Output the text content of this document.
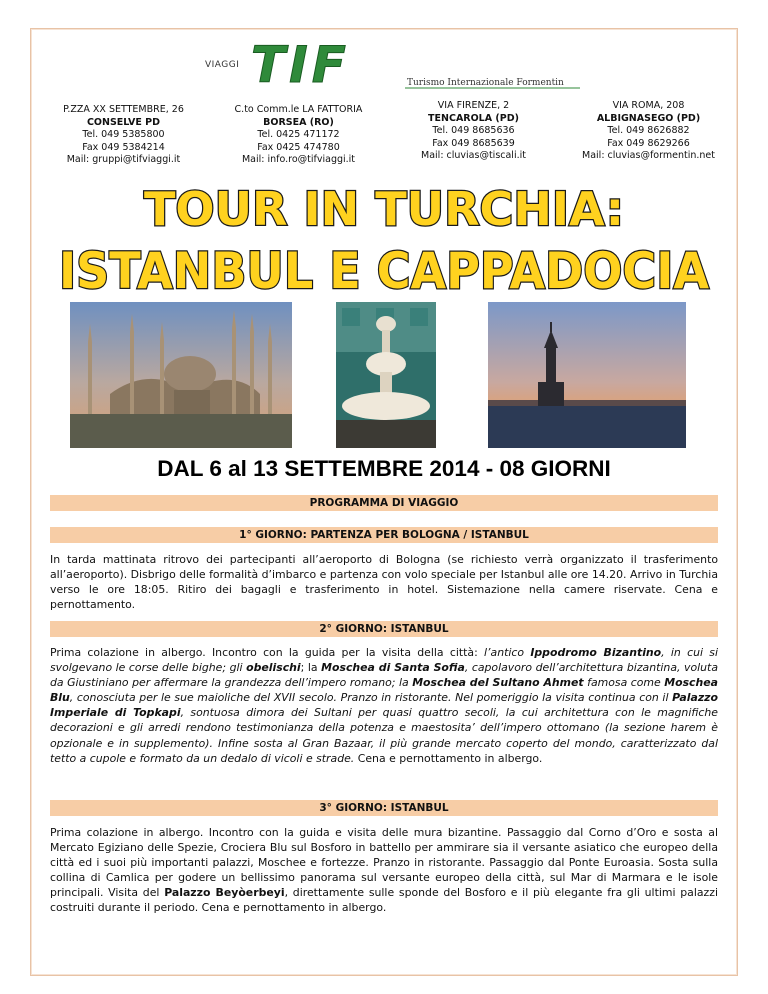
VIAGGI TIF	Turismo Internazionale Formentin
P.ZZA XX SETTEMBRE, 26
CONSELVE PD
Tel. 049 5385800
Fax 049 5384214
Mail: gruppi@tifviaggi.it
C.to Comm.le LA FATTORIA
BORSEA (RO)
Tel. 0425 471172
Fax 0425 474780
Mail: info.ro@tifviaggi.it
VIA FIRENZE, 2
TENCAROLA (PD)
Tel. 049 8685636
Fax 049 8685639
Mail: cluvias@tiscali.it
VIA ROMA, 208
ALBIGNASEGO (PD)
Tel. 049 8626882
Fax 049 8629266
Mail: cluvias@formentin.net
TOUR IN TURCHIA:
ISTANBUL E CAPPADOCIA
DAL 6 al 13 SETTEMBRE 2014 - 08 GIORNI
PROGRAMMA DI VIAGGIO
1° GIORNO: PARTENZA PER BOLOGNA / ISTANBUL
In tarda mattinata ritrovo dei partecipanti all’aeroporto di Bologna (se richiesto verrà organizzato il trasferimento all’aeroporto). Disbrigo delle formalità d’imbarco e partenza con volo speciale per Istanbul alle ore 14.20. Arrivo in Turchia verso le ore 18:05. Ritiro dei bagagli e trasferimento in hotel. Sistemazione nella camere riservate. Cena e pernottamento.
2° GIORNO: ISTANBUL
Prima colazione in albergo. Incontro con la guida per la visita della città: l’antico Ippodromo Bizantino, in cui si svolgevano le corse delle bighe; gli obelischi; la Moschea di Santa Sofia, capolavoro dell’architettura bizantina, voluta da Giustiniano per affermare la grandezza dell’impero romano; la Moschea del Sultano Ahmet famosa come Moschea Blu, conosciuta per le sue maioliche del XVII secolo. Pranzo in ristorante. Nel pomeriggio la visita continua con il Palazzo Imperiale di Topkapi, sontuosa dimora dei Sultani per quasi quattro secoli, la cui architettura con le magnifiche decorazioni e gli arredi rendono testimonianza della potenza e maestosita’ dell’impero ottomano (la sezione harem è opzionale e in supplemento). Infine sosta al Gran Bazaar, il più grande mercato coperto del mondo, caratterizzato dal tetto a cupole e formato da un dedalo di vicoli e strade. Cena e pernottamento in albergo.
3° GIORNO: ISTANBUL
Prima colazione in albergo. Incontro con la guida e visita delle mura bizantine. Passaggio dal Corno d’Oro e sosta al Mercato Egiziano delle Spezie, Crociera Blu sul Bosforo in battello per ammirare sia il versante asiatico che europeo della città ed i suoi più importanti palazzi, Moschee e fortezze. Pranzo in ristorante. Passaggio dal Ponte Euroasia. Sosta sulla collina di Camlica per godere un bellissimo panorama sul versante europeo della città, sul Mar di Marmara e le isole principali. Visita del Palazzo Beyòerbeyi, direttamente sulle sponde del Bosforo e il più elegante fra gli ultimi palazzi costruiti durante il periodo. Cena e pernottamento in albergo.
